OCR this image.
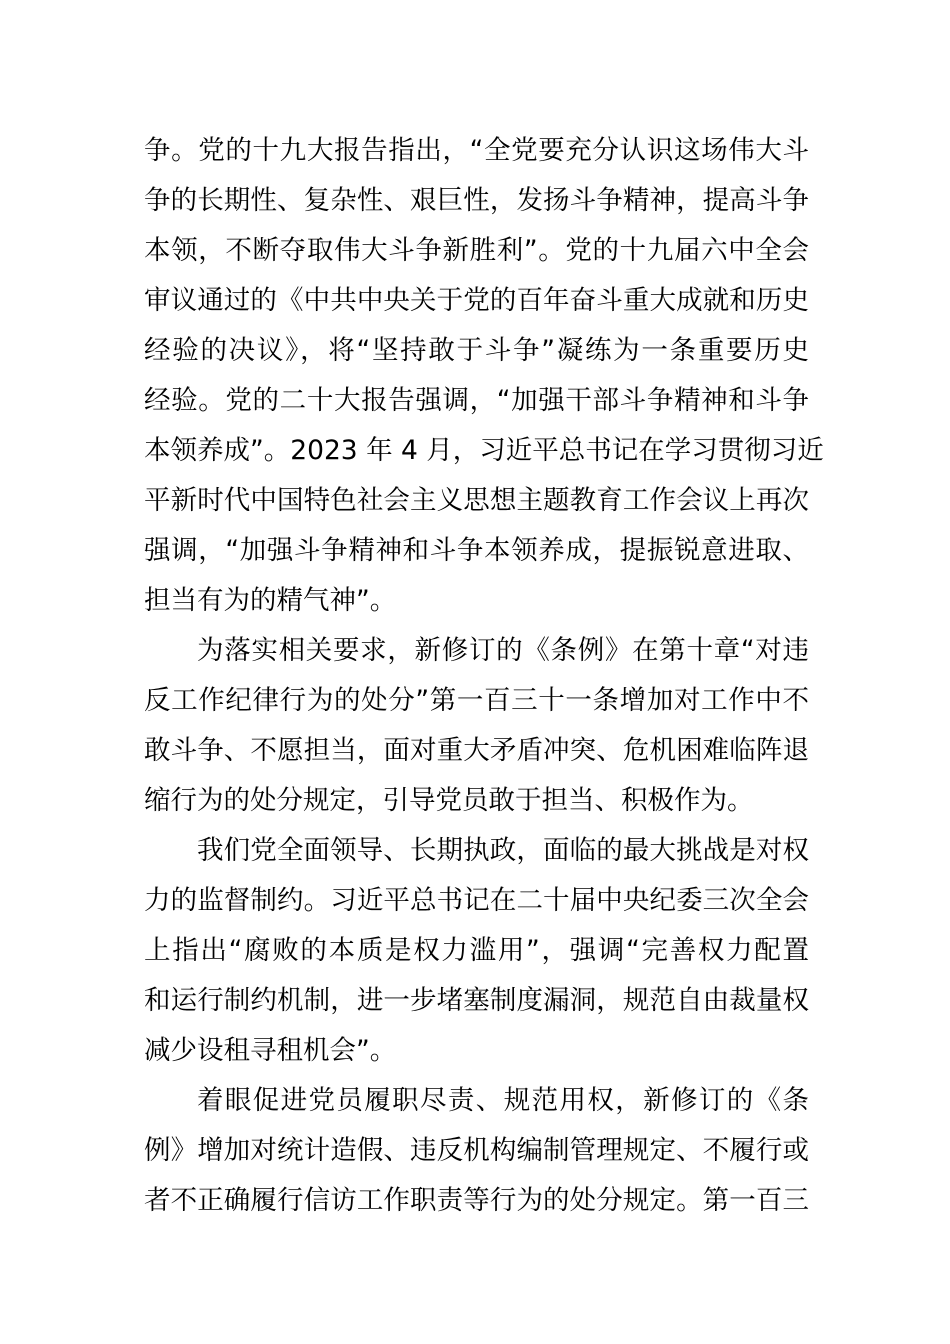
争。党的十九大报告指出，“全党要充分认识这场伟大斗
争的长期性、复杂性、艰巨性，发扬斗争精神，提高斗争
本领，不断夺取伟大斗争新胜利”。党的十九届六中全会
审议通过的《中共中央关于党的百年奋斗重大成就和历史
经验的决议》，将“坚持敢于斗争”凝练为一条重要历史
经验。党的二十大报告强调，“加强干部斗争精神和斗争
本领养成”。2023 年 4 月，习近平总书记在学习贯彻习近
平新时代中国特色社会主义思想主题教育工作会议上再次
强调，“加强斗争精神和斗争本领养成，提振锐意进取、
担当有为的精气神”。
为落实相关要求，新修订的《条例》在第十章“对违
反工作纪律行为的处分”第一百三十一条增加对工作中不
敢斗争、不愿担当，面对重大矛盾冲突、危机困难临阵退
缩行为的处分规定，引导党员敢于担当、积极作为。
我们党全面领导、长期执政，面临的最大挑战是对权
力的监督制约。习近平总书记在二十届中央纪委三次全会
上指出“腐败的本质是权力滥用”，强调“完善权力配置
和运行制约机制，进一步堵塞制度漏洞，规范自由裁量权
减少设租寻租机会”。
着眼促进党员履职尽责、规范用权，新修订的《条
例》增加对统计造假、违反机构编制管理规定、不履行或
者不正确履行信访工作职责等行为的处分规定。第一百三
